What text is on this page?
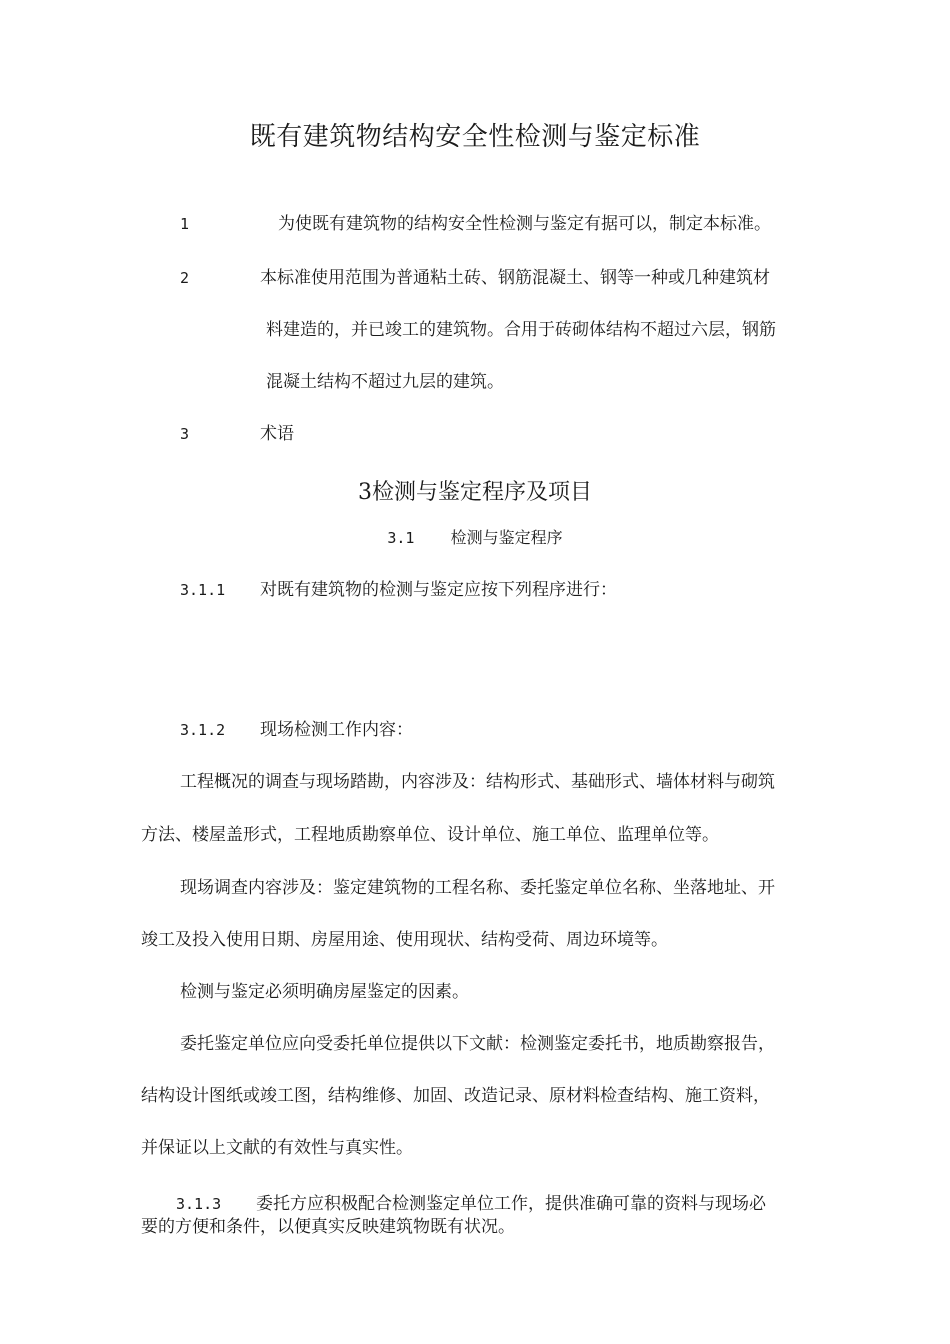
既有建筑物结构安全性检测与鉴定标准
1	为使既有建筑物的结构安全性检测与鉴定有据可以，制定本标准。
2	本标准使用范围为普通粘土砖、钢筋混凝土、钢等一种或几种建筑材
料建造的，并已竣工的建筑物。合用于砖砌体结构不超过六层，钢筋
混凝土结构不超过九层的建筑。
3	术语
3检测与鉴定程序及项目
3.1 检测与鉴定程序
3.1.1 对既有建筑物的检测与鉴定应按下列程序进行：
3.1.2 现场检测工作内容：
工程概况的调查与现场踏勘，内容涉及：结构形式、基础形式、墙体材料与砌筑
方法、楼屋盖形式，工程地质勘察单位、设计单位、施工单位、监理单位等。
现场调查内容涉及：鉴定建筑物的工程名称、委托鉴定单位名称、坐落地址、开
竣工及投入使用日期、房屋用途、使用现状、结构受荷、周边环境等。
检测与鉴定必须明确房屋鉴定的因素。
委托鉴定单位应向受委托单位提供以下文献：检测鉴定委托书，地质勘察报告，
结构设计图纸或竣工图，结构维修、加固、改造记录、原材料检查结构、施工资料，
并保证以上文献的有效性与真实性。
3.1.3 委托方应积极配合检测鉴定单位工作，提供准确可靠的资料与现场必
要的方便和条件，以便真实反映建筑物既有状况。
